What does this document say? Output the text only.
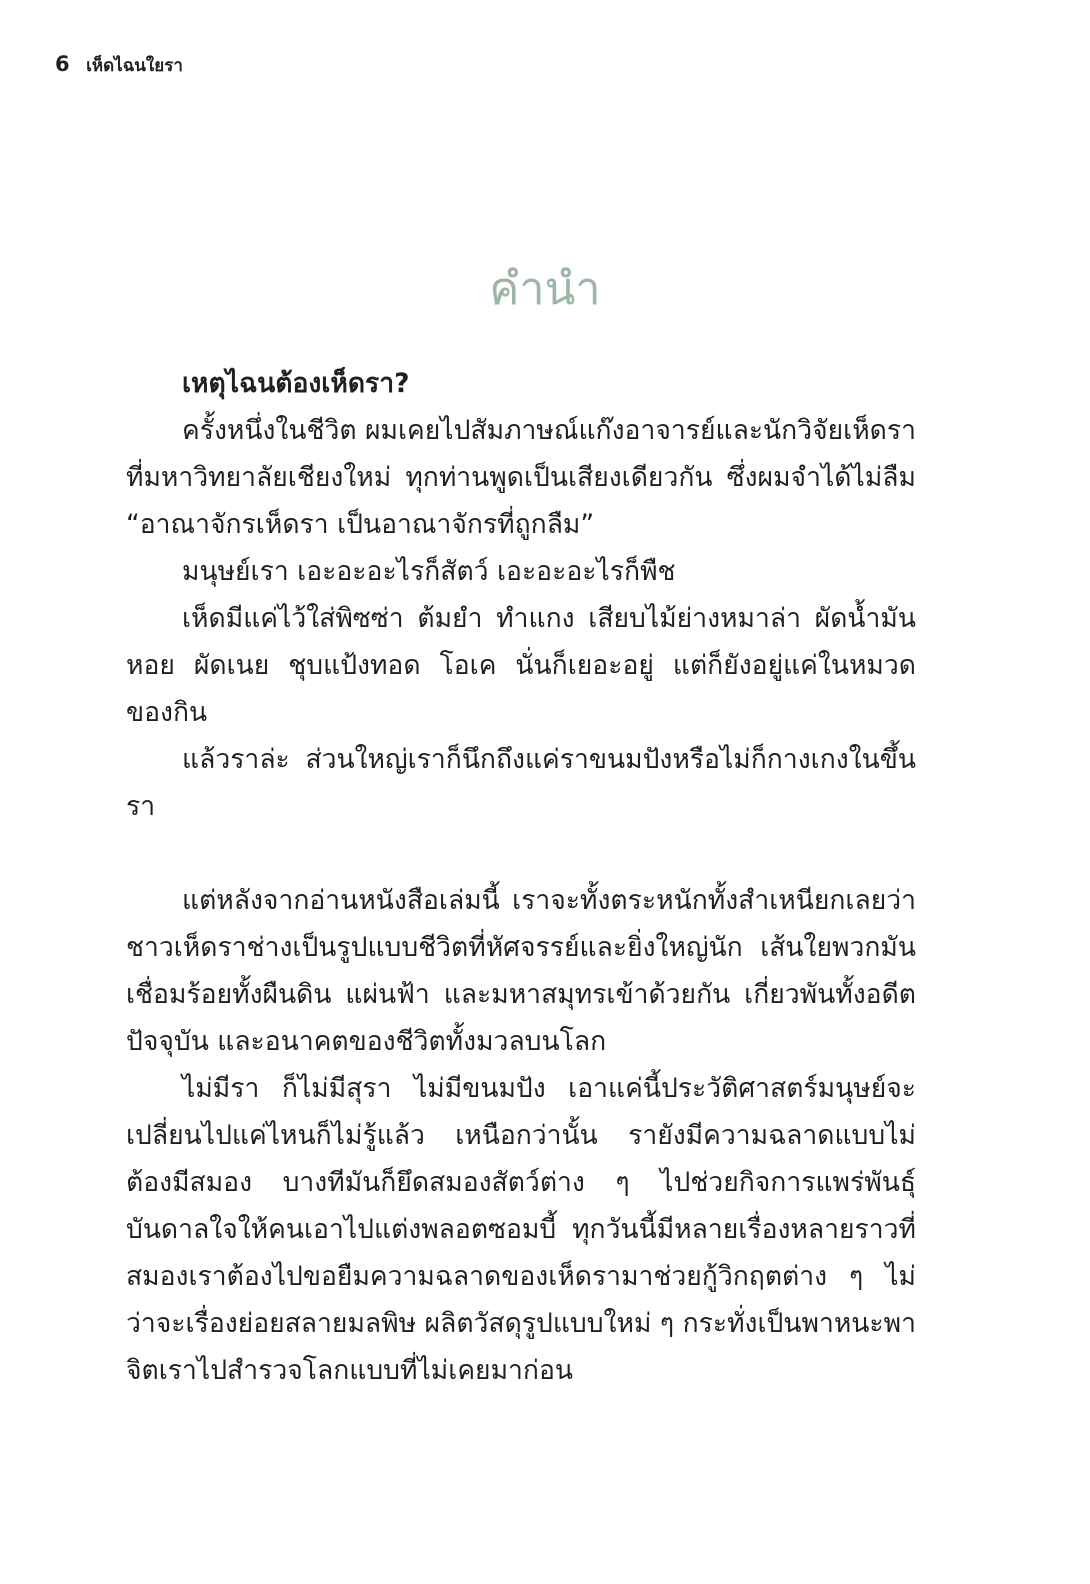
6 เห็ดไฉนใยรา
คำนำ

เหตุไฉนต้องเห็ดรา?

ครั้งหนึ่งในชีวิต ผมเคยไปสัมภาษณ์แก๊งอาจารย์และนักวิจัยเห็ดราที่มหาวิทยาลัยเชียงใหม่ ทุกท่านพูดเป็นเสียงเดียวกัน ซึ่งผมจำได้ไม่ลืม “อาณาจักรเห็ดรา เป็นอาณาจักรที่ถูกลืม”

มนุษย์เรา เอะอะอะไรก็สัตว์ เอะอะอะไรก็พืช

เห็ดมีแค่ไว้ใส่พิซซ่า ต้มยำ ทำแกง เสียบไม้ย่างหมาล่า ผัดน้ำมันหอย ผัดเนย ชุบแป้งทอด โอเค นั่นก็เยอะอยู่ แต่ก็ยังอยู่แค่ในหมวดของกิน

แล้วราล่ะ ส่วนใหญ่เราก็นึกถึงแค่ราขนมปังหรือไม่ก็กางเกงในขึ้นรา

แต่หลังจากอ่านหนังสือเล่มนี้ เราจะทั้งตระหนักทั้งสำเหนียกเลยว่า ชาวเห็ดราช่างเป็นรูปแบบชีวิตที่หัศจรรย์และยิ่งใหญ่นัก เส้นใยพวกมันเชื่อมร้อยทั้งผืนดิน แผ่นฟ้า และมหาสมุทรเข้าด้วยกัน เกี่ยวพันทั้งอดีต ปัจจุบัน และอนาคตของชีวิตทั้งมวลบนโลก

ไม่มีรา ก็ไม่มีสุรา ไม่มีขนมปัง เอาแค่นี้ประวัติศาสตร์มนุษย์จะเปลี่ยนไปแค่ไหนก็ไม่รู้แล้ว เหนือกว่านั้น รายังมีความฉลาดแบบไม่ต้องมีสมอง บางทีมันก็ยึดสมองสัตว์ต่าง ๆ ไปช่วยกิจการแพร่พันธุ์ บันดาลใจให้คนเอาไปแต่งพลอตซอมบี้ ทุกวันนี้มีหลายเรื่องหลายราวที่สมองเราต้องไปขอยืมความฉลาดของเห็ดรามาช่วยกู้วิกฤตต่าง ๆ ไม่ว่าจะเรื่องย่อยสลายมลพิษ ผลิตวัสดุรูปแบบใหม่ ๆ กระทั่งเป็นพาหนะพาจิตเราไปสำรวจโลกแบบที่ไม่เคยมาก่อน
